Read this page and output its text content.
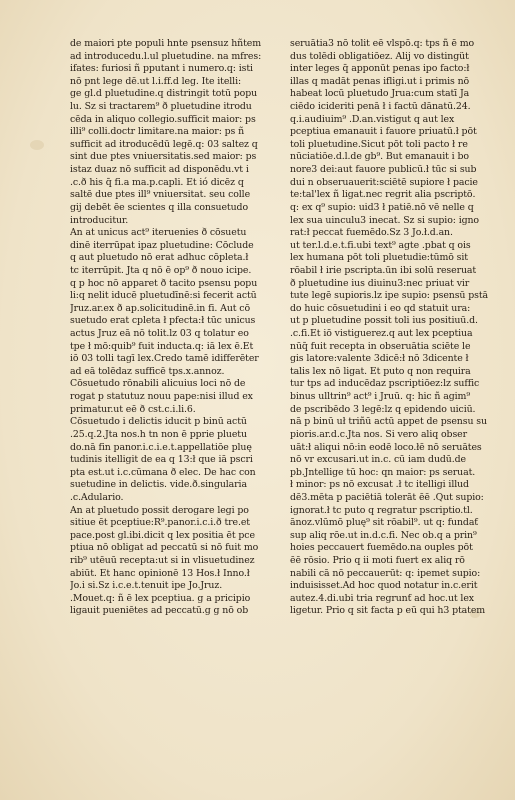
de maiori pte populi hnte psensuz hñtem

ad introducedu.l.ul pluetudine. na mfres:

ifates: furiosi ñ pputant i numero.q: isti

nō pnt lege dē.ut l.i.ff.d leg. Ite itelli:

ge gl.d pluetudine.q distringit totū popu

lu. Sz si tractarem⁹ ð pluetudine itrodu

cēda in aliquo collegio.sufficit maior: ps

illi⁹ colli.doctr limitare.na maior: ps ñ

sufficit ad itroducēdū legē.q: 03 saltez q

sint due ptes vniuersitatis.sed maior: ps

istaz duaz nō sufficit ad disponēdu.vt i

.c.ð his q̄ fi.a ma.p.capli. Et ió dicēz q

saltē due ptes ill⁹ vniuersitat. seu colle

gij debēt ēe scientes q illa consuetudo

introducitur.

An at unicus act⁹ iteruenies ð cōsuetu

dinē iterrūpat ipaz pluetudine: Cōclude

q aut pluetudo nō erat adhuc cōpleta.ł

tc iterrūpit. Jta q nō ē op⁹ ð nouo icipe.

q p hoc nō apparet ð tacito psensu popu

li:q nelit iducē pluetudīnē:si fecerit actū

Jruz.ar.ex ð ap.solicitudinē.in fi. Aut cō

suetudo erat cpleta ł pfecta:ł tūc unicus

actus Jruz eā nō tolit.lz 03 q tolatur eo

tpe ł mō:quib⁹ fuit inducta.q: iā lex ē.Et

iō 03 tolli tagī lex.Credo tamē idifferēter

ad eā tolēdaz sufficē tps.x.annoz.

Cōsuetudo rōnabili alicuius loci nō de

rogat p statutuz nouu pape:nisi illud ex

primatur.ut eē ð cst.c.i.li.6.

Cōsuetudo i delictis iducit p binū actū

.25.q.2.Jta nos.h tn non ē pprie pluetu

do.nā fin panor.i.c.i.e.t.appellatiōe pluę

tudinis itelligit de ea q 13:ł que iā pscri

pta est.ut i.c.cūmana ð elec. De hac con

suetudine in delictis. vide.ð.singularia

.c.Adulario.

An at pluetudo possit derogare legi po

sitiue ēt pceptiue:R⁹.panor.i.c.i.ð tre.et

pace.post gl.ibi.dicit q lex positia ēt pce

ptiua nō obligat ad peccatū si nō fuit mo

rib⁹ utēuū recepta:ut si in vlisuetudinez

abiūt. Et hanc opinionē 13 Hos.ł Inno.ł

Jo.i si.Sz i.c.e.t.tenuit ipe Jo.Jruz.

.Mouet.q: ñ ē lex pceptiua. g a pricipio

ligauit pueniētes ad peccatū.g g nō ob

seruātia3 nō tolit eē vlspō.q: tps ñ ē mo

dus tolēdi obligatiōez. Alij vo distingüt

inter leges q̄ apponūt penas ipo facto:ł

illas q madāt penas ifligi.ut i primis nō

habeat locū pluetudo Jrua:cum statī Ja

ciēdo icideriti penā ł i factū dānatū.24.

q.i.audiuim⁹ .D.an.vistigut q aut lex

pceptiua emanauit i fauore priuatū.ł pōt

toli pluetudine.Sicut pōt toli pacto ł re

nūciatiōe.d.l.de gb⁹. But emanauit i bo

nore3 dei:aut fauore publicū.ł tūc si sub

dui n obseruauerit:sciētē supiore ł pacie

te:tal'lex ñ ligat.nec regrit alia pscriptō.

q: ex q⁹ supio: uid3 ł patiē.nō vē nelle q

lex sua uinculu3 inecat. Sz si supio: igno

rat:ł peccat fuemēdo.Sz 3 Jo.ł.d.an.

ut ter.l.d.e.t.fi.ubi text⁹ agte .pbat q ois

lex humana pōt toli pluetudie:tūmō sit

rōabil ł irie pscripta.ūn ibi solū reseruat

ð pluetudine ius diuinu3:nec priuat vir

tute legē supioris.lz ipe supio: psensū pstā

do huic cōsuetudini i eo qd statuit ura:

ut p pluetudine possit toli ius positiuū.d.

.c.fi.Et iō vistiguerez.q aut lex pceptiua

nūq̄ fuit recepta in obseruātia sciēte le

gis latore:valente 3dicē:ł nō 3dicente ł

talis lex nō ligat. Et puto q non requira

tur tps ad inducēdaz pscriptiōez:lz suffic

binus ulltrin⁹ act⁹ i Jruū. q: hic ñ agim⁹

de pscribēdo 3 legē:lz q epidendo uiciū.

nā p binū uł triñū actū appet de psensu su

pioris.ar.d.c.Jta nos. Si vero aliq obser

uāt:ł aliqui nō:in eodē loco.łē nō seruātes

nō vr excusari.ut in.c. cū iam dudū.de

pb.Jntellige tū hoc: qn maior: ps seruat.

ł minor: ps nō excusat .ł tc itelligi illud

dē3.mēta p paciētiā tolerāt ēē .Qut supio:

ignorat.ł tc puto q regratur pscriptio.tl.

ānoz.vlūmō pluę⁹ sit rōabil⁹. ut q: fundaƭ

sup aliq rōe.ut in.d.c.fi. Nec ob.q a prin⁹

hoies peccauert fuemēdo.na ouples pōt

ēē rōsio. Prio q ii moti fuert ex aliq rō

nabili cā nō peccauerūt: q: ipemet supio:

induisisset.Ad hoc quod notatur in.c.erit

autez.4.di.ubi tria regrunƭ ad hoc.ut lex

ligetur. Prio q sit facta p eū qui h3 ptatem
